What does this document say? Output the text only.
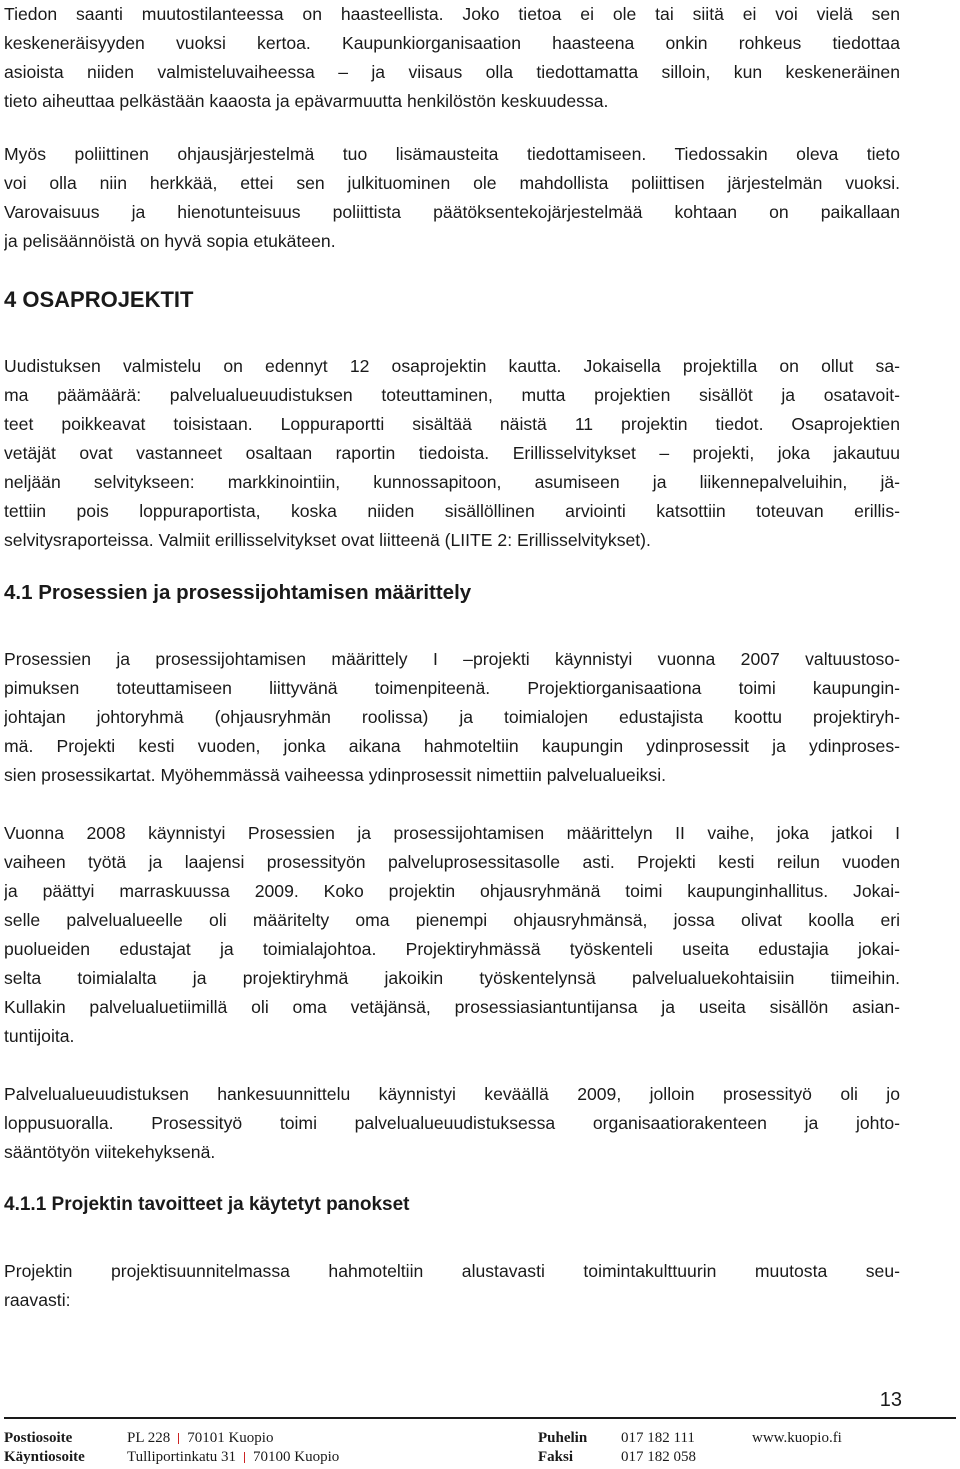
Tiedon saanti muutostilanteessa on haasteellista. Joko tietoa ei ole tai siitä ei voi vielä sen
keskeneräisyyden vuoksi kertoa. Kaupunkiorganisaation haasteena onkin rohkeus tiedottaa
asioista niiden valmisteluvaiheessa – ja viisaus olla tiedottamatta silloin, kun keskeneräinen
tieto aiheuttaa pelkästään kaaosta ja epävarmuutta henkilöstön keskuudessa.
Myös poliittinen ohjausjärjestelmä tuo lisämausteita tiedottamiseen. Tiedossakin oleva tieto
voi olla niin herkkää, ettei sen julkituominen ole mahdollista poliittisen järjestelmän vuoksi.
Varovaisuus ja hienotunteisuus poliittista päätöksentekojärjestelmää kohtaan on paikallaan
ja pelisäännöistä on hyvä sopia etukäteen.
4 OSAPROJEKTIT
Uudistuksen valmistelu on edennyt 12 osaprojektin kautta. Jokaisella projektilla on ollut sa-
ma päämäärä: palvelualueuudistuksen toteuttaminen, mutta projektien sisällöt ja osatavoit-
teet poikkeavat toisistaan. Loppuraportti sisältää näistä 11 projektin tiedot. Osaprojektien
vetäjät ovat vastanneet osaltaan raportin tiedoista. Erillisselvitykset – projekti, joka jakautuu
neljään selvitykseen: markkinointiin, kunnossapitoon, asumiseen ja liikennepalveluihin, jä-
tettiin pois loppuraportista, koska niiden sisällöllinen arviointi katsottiin toteuvan erillis-
selvitysraporteissa. Valmiit erillisselvitykset ovat liitteenä (LIITE 2: Erillisselvitykset).
4.1 Prosessien ja prosessijohtamisen määrittely
Prosessien ja prosessijohtamisen määrittely I –projekti käynnistyi vuonna 2007 valtuustoso-
pimuksen toteuttamiseen liittyvänä toimenpiteenä. Projektiorganisaationa toimi kaupungin-
johtajan johtoryhmä (ohjausryhmän roolissa) ja toimialojen edustajista koottu projektiryh-
mä. Projekti kesti vuoden, jonka aikana hahmoteltiin kaupungin ydinprosessit ja ydinproses-
sien prosessikartat. Myöhemmässä vaiheessa ydinprosessit nimettiin palvelualueiksi.
Vuonna 2008 käynnistyi Prosessien ja prosessijohtamisen määrittelyn II vaihe, joka jatkoi I
vaiheen työtä ja laajensi prosessityön palveluprosessitasolle asti. Projekti kesti reilun vuoden
ja päättyi marraskuussa 2009. Koko projektin ohjausryhmänä toimi kaupunginhallitus. Jokai-
selle palvelualueelle oli määritelty oma pienempi ohjausryhmänsä, jossa olivat koolla eri
puolueiden edustajat ja toimialajohtoa. Projektiryhmässä työskenteli useita edustajia jokai-
selta toimialalta ja projektiryhmä jakoikin työskentelynsä palvelualuekohtaisiin tiimeihin.
Kullakin palvelualuetiimillä oli oma vetäjänsä, prosessiasiantuntijansa ja useita sisällön asian-
tuntijoita.
Palvelualueuudistuksen hankesuunnittelu käynnistyi keväällä 2009, jolloin prosessityö oli jo
loppusuoralla. Prosessityö toimi palvelualueuudistuksessa organisaatiorakenteen ja johto-
sääntötyön viitekehyksenä.
4.1.1 Projektin tavoitteet ja käytetyt panokset
Projektin projektisuunnitelmassa hahmoteltiin alustavasti toimintakulttuurin muutosta seu-
raavasti:
13
Postiosoite	PL 228 70101 Kuopio	Puhelin 017 182 111	www.kuopio.fi
Käyntiosoite	Tulliportinkatu 31 70100 Kuopio	Faksi	017 182 058
